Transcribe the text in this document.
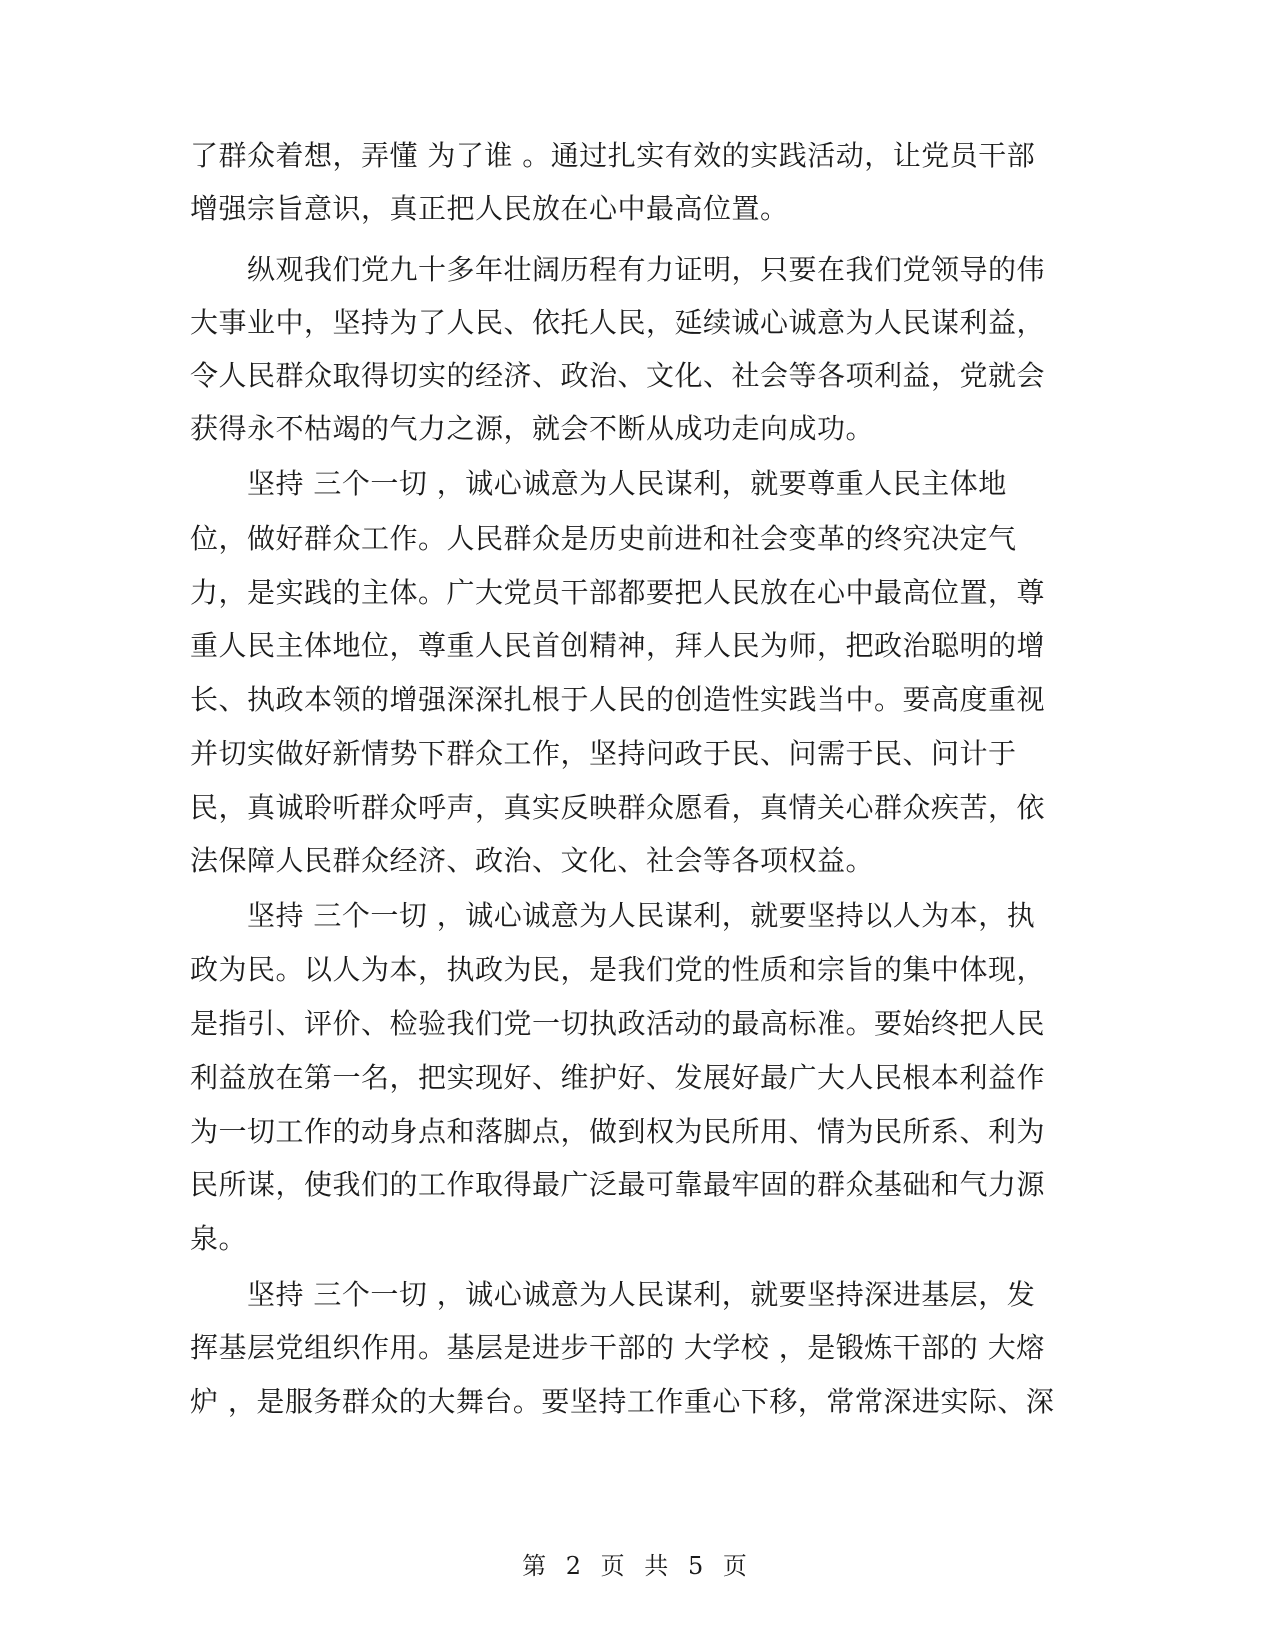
了群众着想，弄懂 为了谁 。通过扎实有效的实践活动，让党员干部
增强宗旨意识，真正把人民放在心中最高位置。
　　纵观我们党九十多年壮阔历程有力证明，只要在我们党领导的伟
大事业中，坚持为了人民、依托人民，延续诚心诚意为人民谋利益，
令人民群众取得切实的经济、政治、文化、社会等各项利益，党就会
获得永不枯竭的气力之源，就会不断从成功走向成功。
　　坚持 三个一切 ，诚心诚意为人民谋利，就要尊重人民主体地
位，做好群众工作。人民群众是历史前进和社会变革的终究决定气
力，是实践的主体。广大党员干部都要把人民放在心中最高位置，尊
重人民主体地位，尊重人民首创精神，拜人民为师，把政治聪明的增
长、执政本领的增强深深扎根于人民的创造性实践当中。要高度重视
并切实做好新情势下群众工作，坚持问政于民、问需于民、问计于
民，真诚聆听群众呼声，真实反映群众愿看，真情关心群众疾苦，依
法保障人民群众经济、政治、文化、社会等各项权益。
　　坚持 三个一切 ，诚心诚意为人民谋利，就要坚持以人为本，执
政为民。以人为本，执政为民，是我们党的性质和宗旨的集中体现，
是指引、评价、检验我们党一切执政活动的最高标准。要始终把人民
利益放在第一名，把实现好、维护好、发展好最广大人民根本利益作
为一切工作的动身点和落脚点，做到权为民所用、情为民所系、利为
民所谋，使我们的工作取得最广泛最可靠最牢固的群众基础和气力源
泉。
　　坚持 三个一切 ，诚心诚意为人民谋利，就要坚持深进基层，发
挥基层党组织作用。基层是进步干部的 大学校 ，是锻炼干部的 大熔
炉 ，是服务群众的大舞台。要坚持工作重心下移，常常深进实际、深
第 2 页 共 5 页
